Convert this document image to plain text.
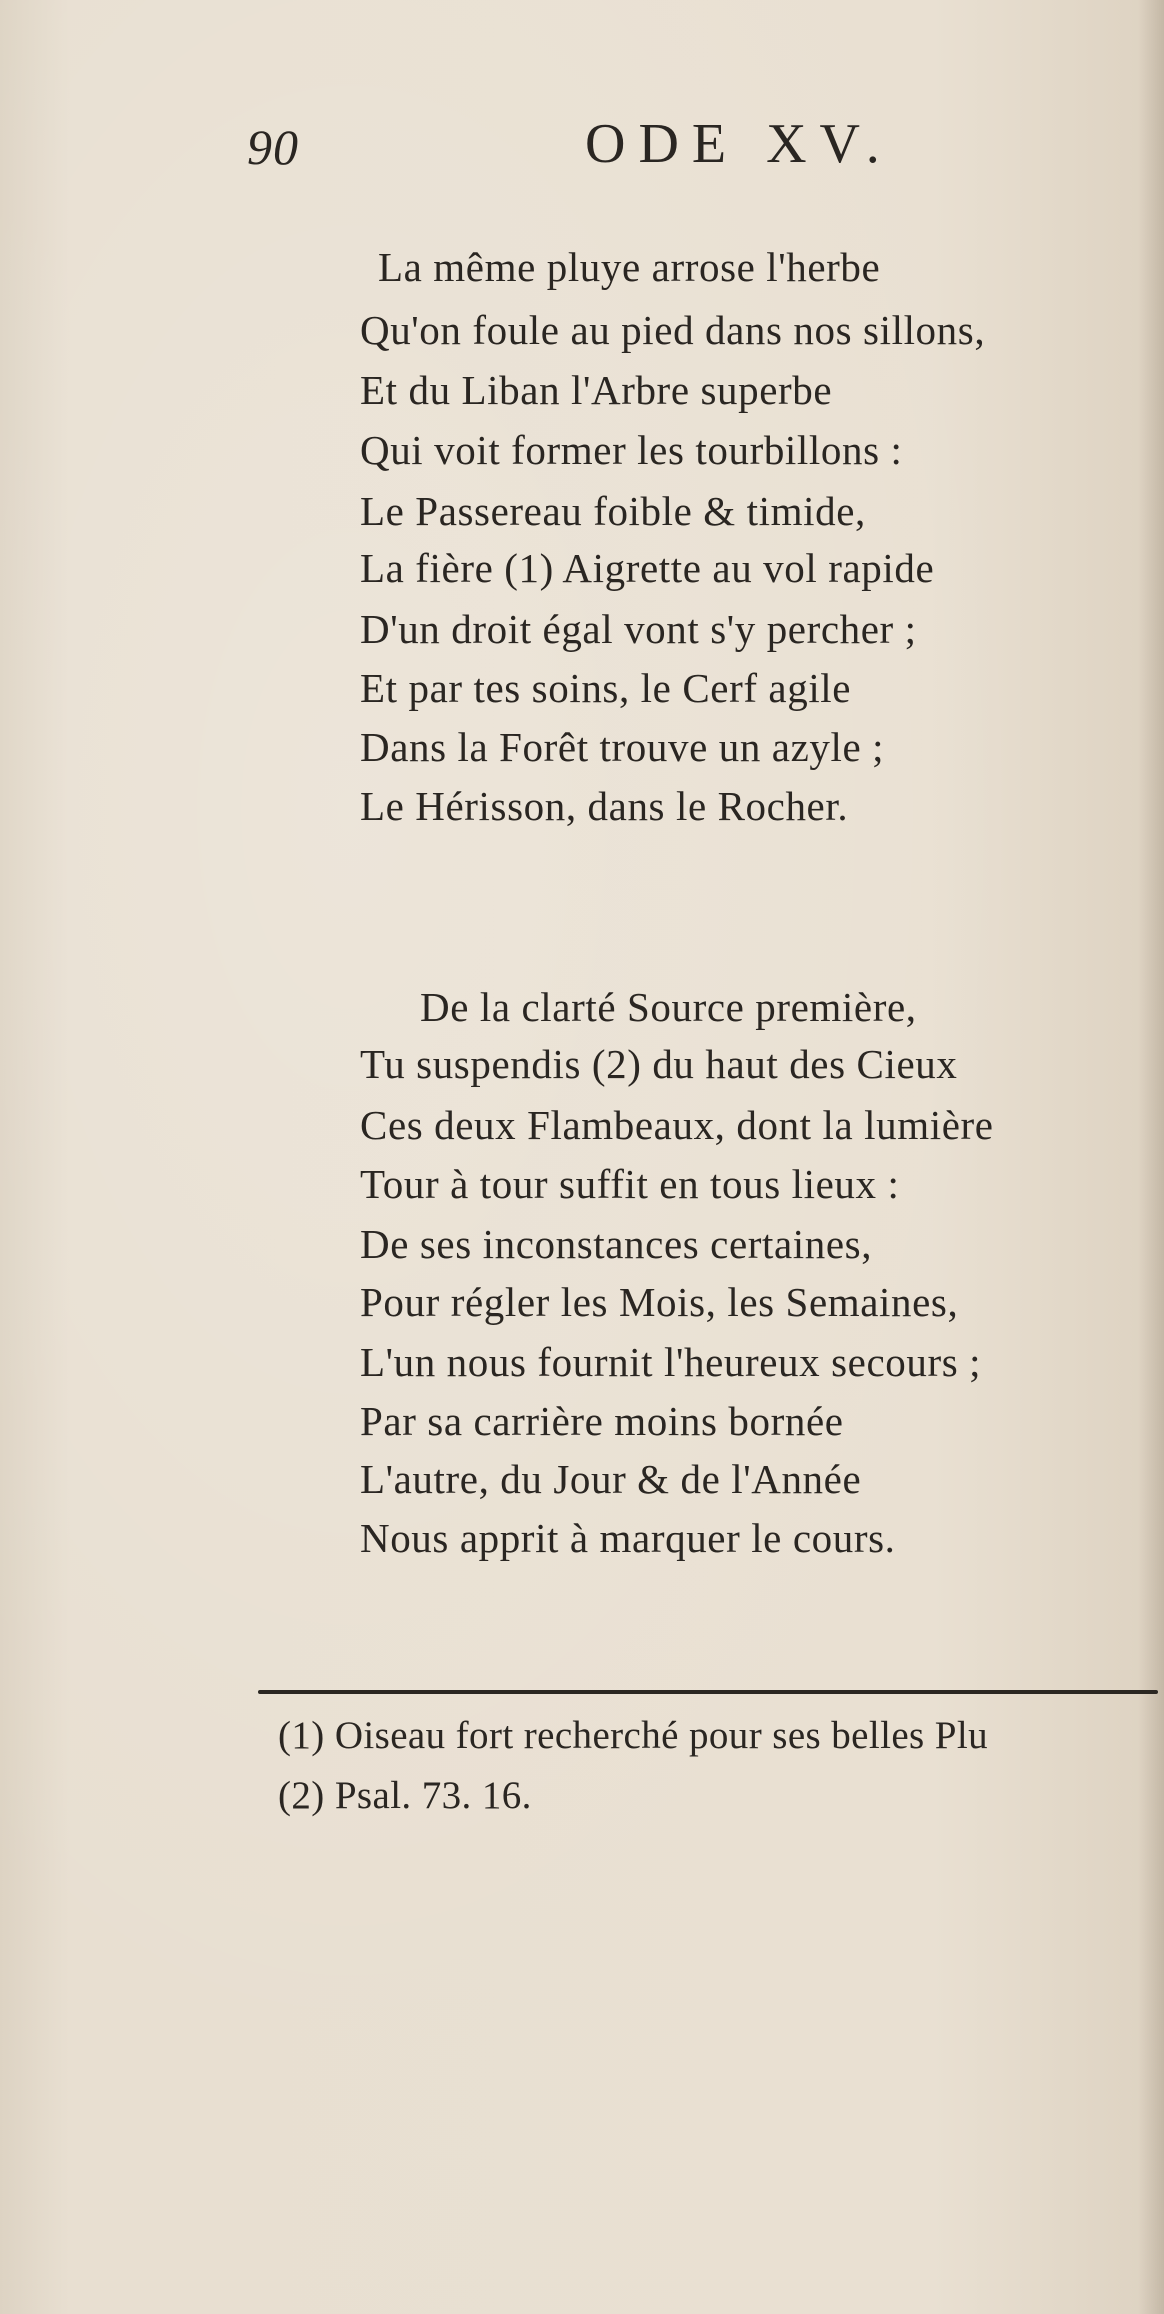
90	ODE XV.
La même pluye arrose l'herbe
Qu'on foule au pied dans nos sillons,
Et du Liban l'Arbre superbe
Qui voit former les tourbillons :
Le Passereau foible & timide,
La fière (1) Aigrette au vol rapide
D'un droit égal vont s'y percher ;
Et par tes soins, le Cerf agile
Dans la Forêt trouve un azyle ;
Le Hérisson, dans le Rocher.
De la clarté Source première,
Tu suspendis (2) du haut des Cieux
Ces deux Flambeaux, dont la lumière
Tour à tour suffit en tous lieux :
De ses inconstances certaines,
Pour régler les Mois, les Semaines,
L'un nous fournit l'heureux secours ;
Par sa carrière moins bornée
L'autre, du Jour & de l'Année
Nous apprit à marquer le cours.
(1) Oiseau fort recherché pour ses belles Plu
(2) Psal. 73. 16.
